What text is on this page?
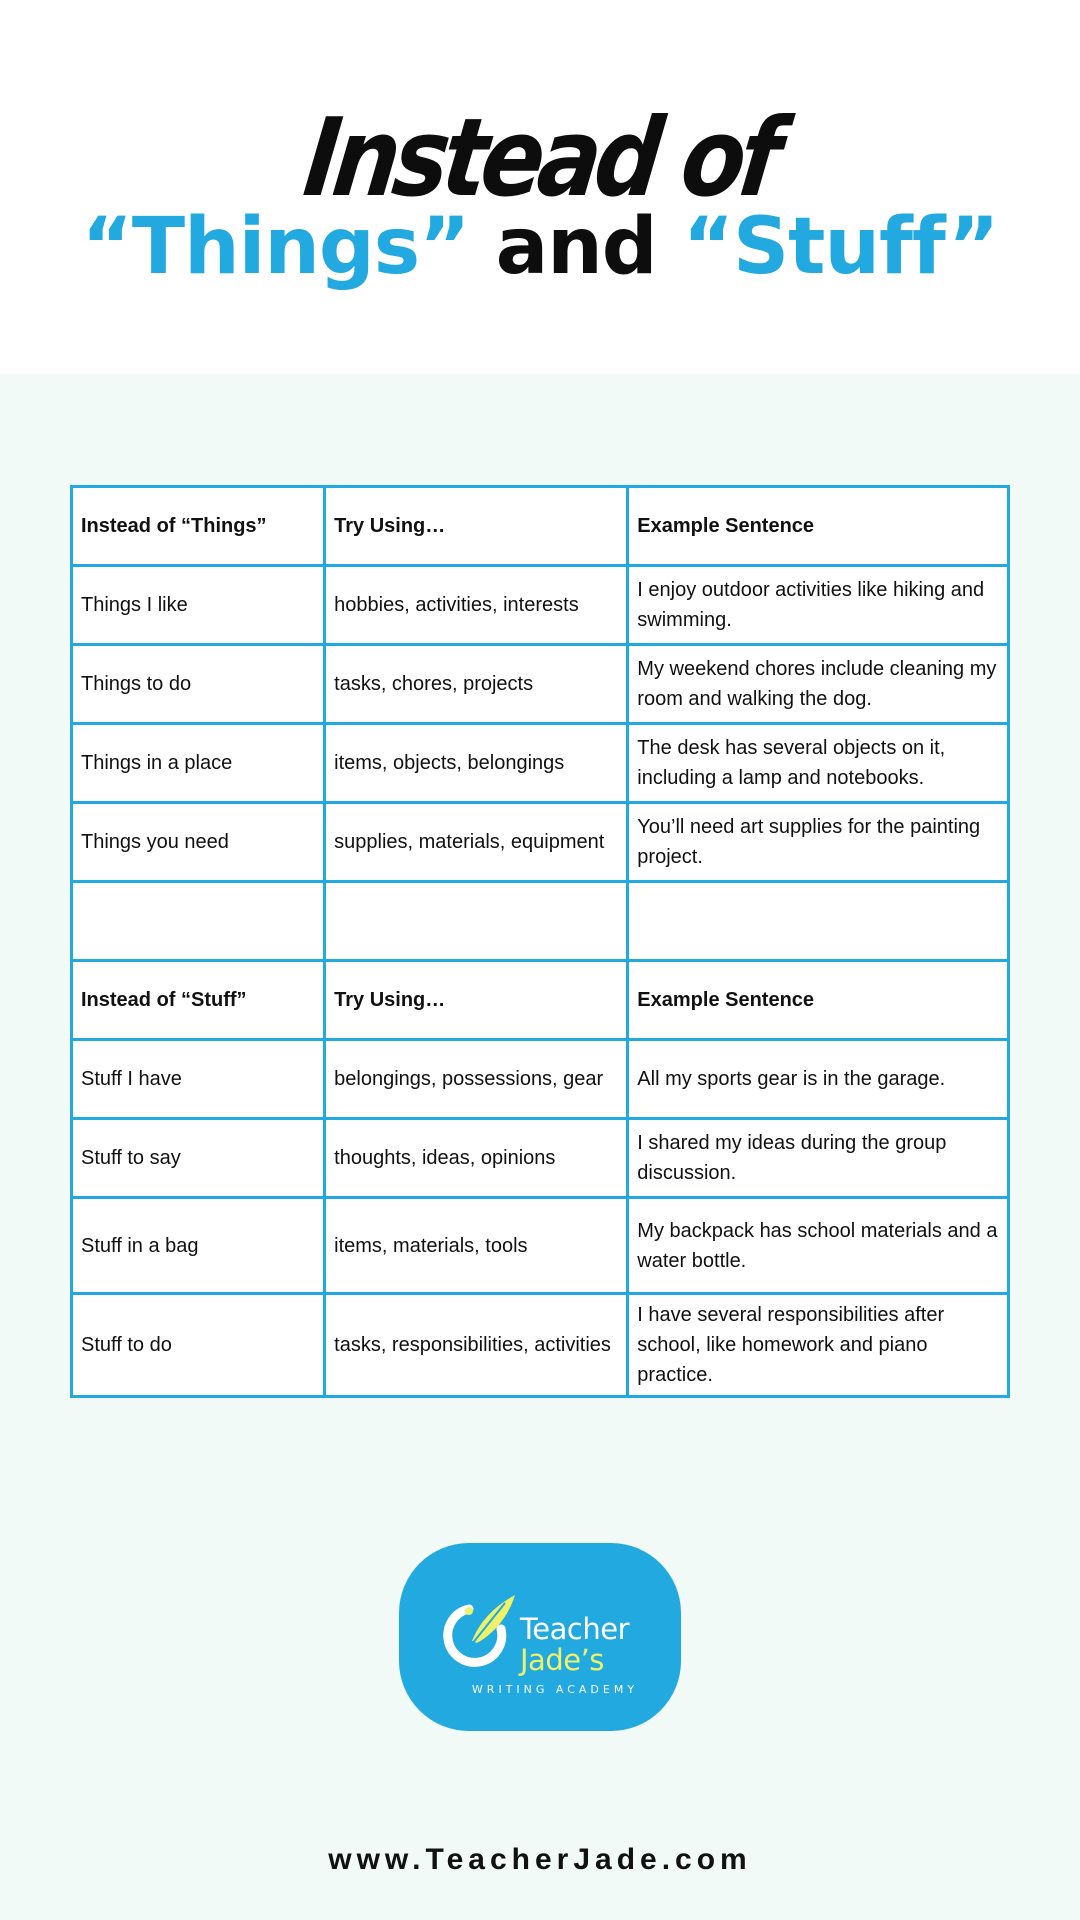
Instead of
“Things” and “Stuff”
Instead of “Things”	Try Using…	Example Sentence
Things I like	hobbies, activities, interests	I enjoy outdoor activities like hiking and swimming.
Things to do	tasks, chores, projects	My weekend chores include cleaning my room and walking the dog.
Things in a place	items, objects, belongings	The desk has several objects on it, including a lamp and notebooks.
Things you need	supplies, materials, equipment	You’ll need art supplies for the painting project.

Instead of “Stuff”	Try Using…	Example Sentence
Stuff I have	belongings, possessions, gear	All my sports gear is in the garage.
Stuff to say	thoughts, ideas, opinions	I shared my ideas during the group discussion.
Stuff in a bag	items, materials, tools	My backpack has school materials and a water bottle.
Stuff to do	tasks, responsibilities, activities	I have several responsibilities after school, like homework and piano practice.
Teacher
Jade’s
WRITING ACADEMY
www.TeacherJade.com
